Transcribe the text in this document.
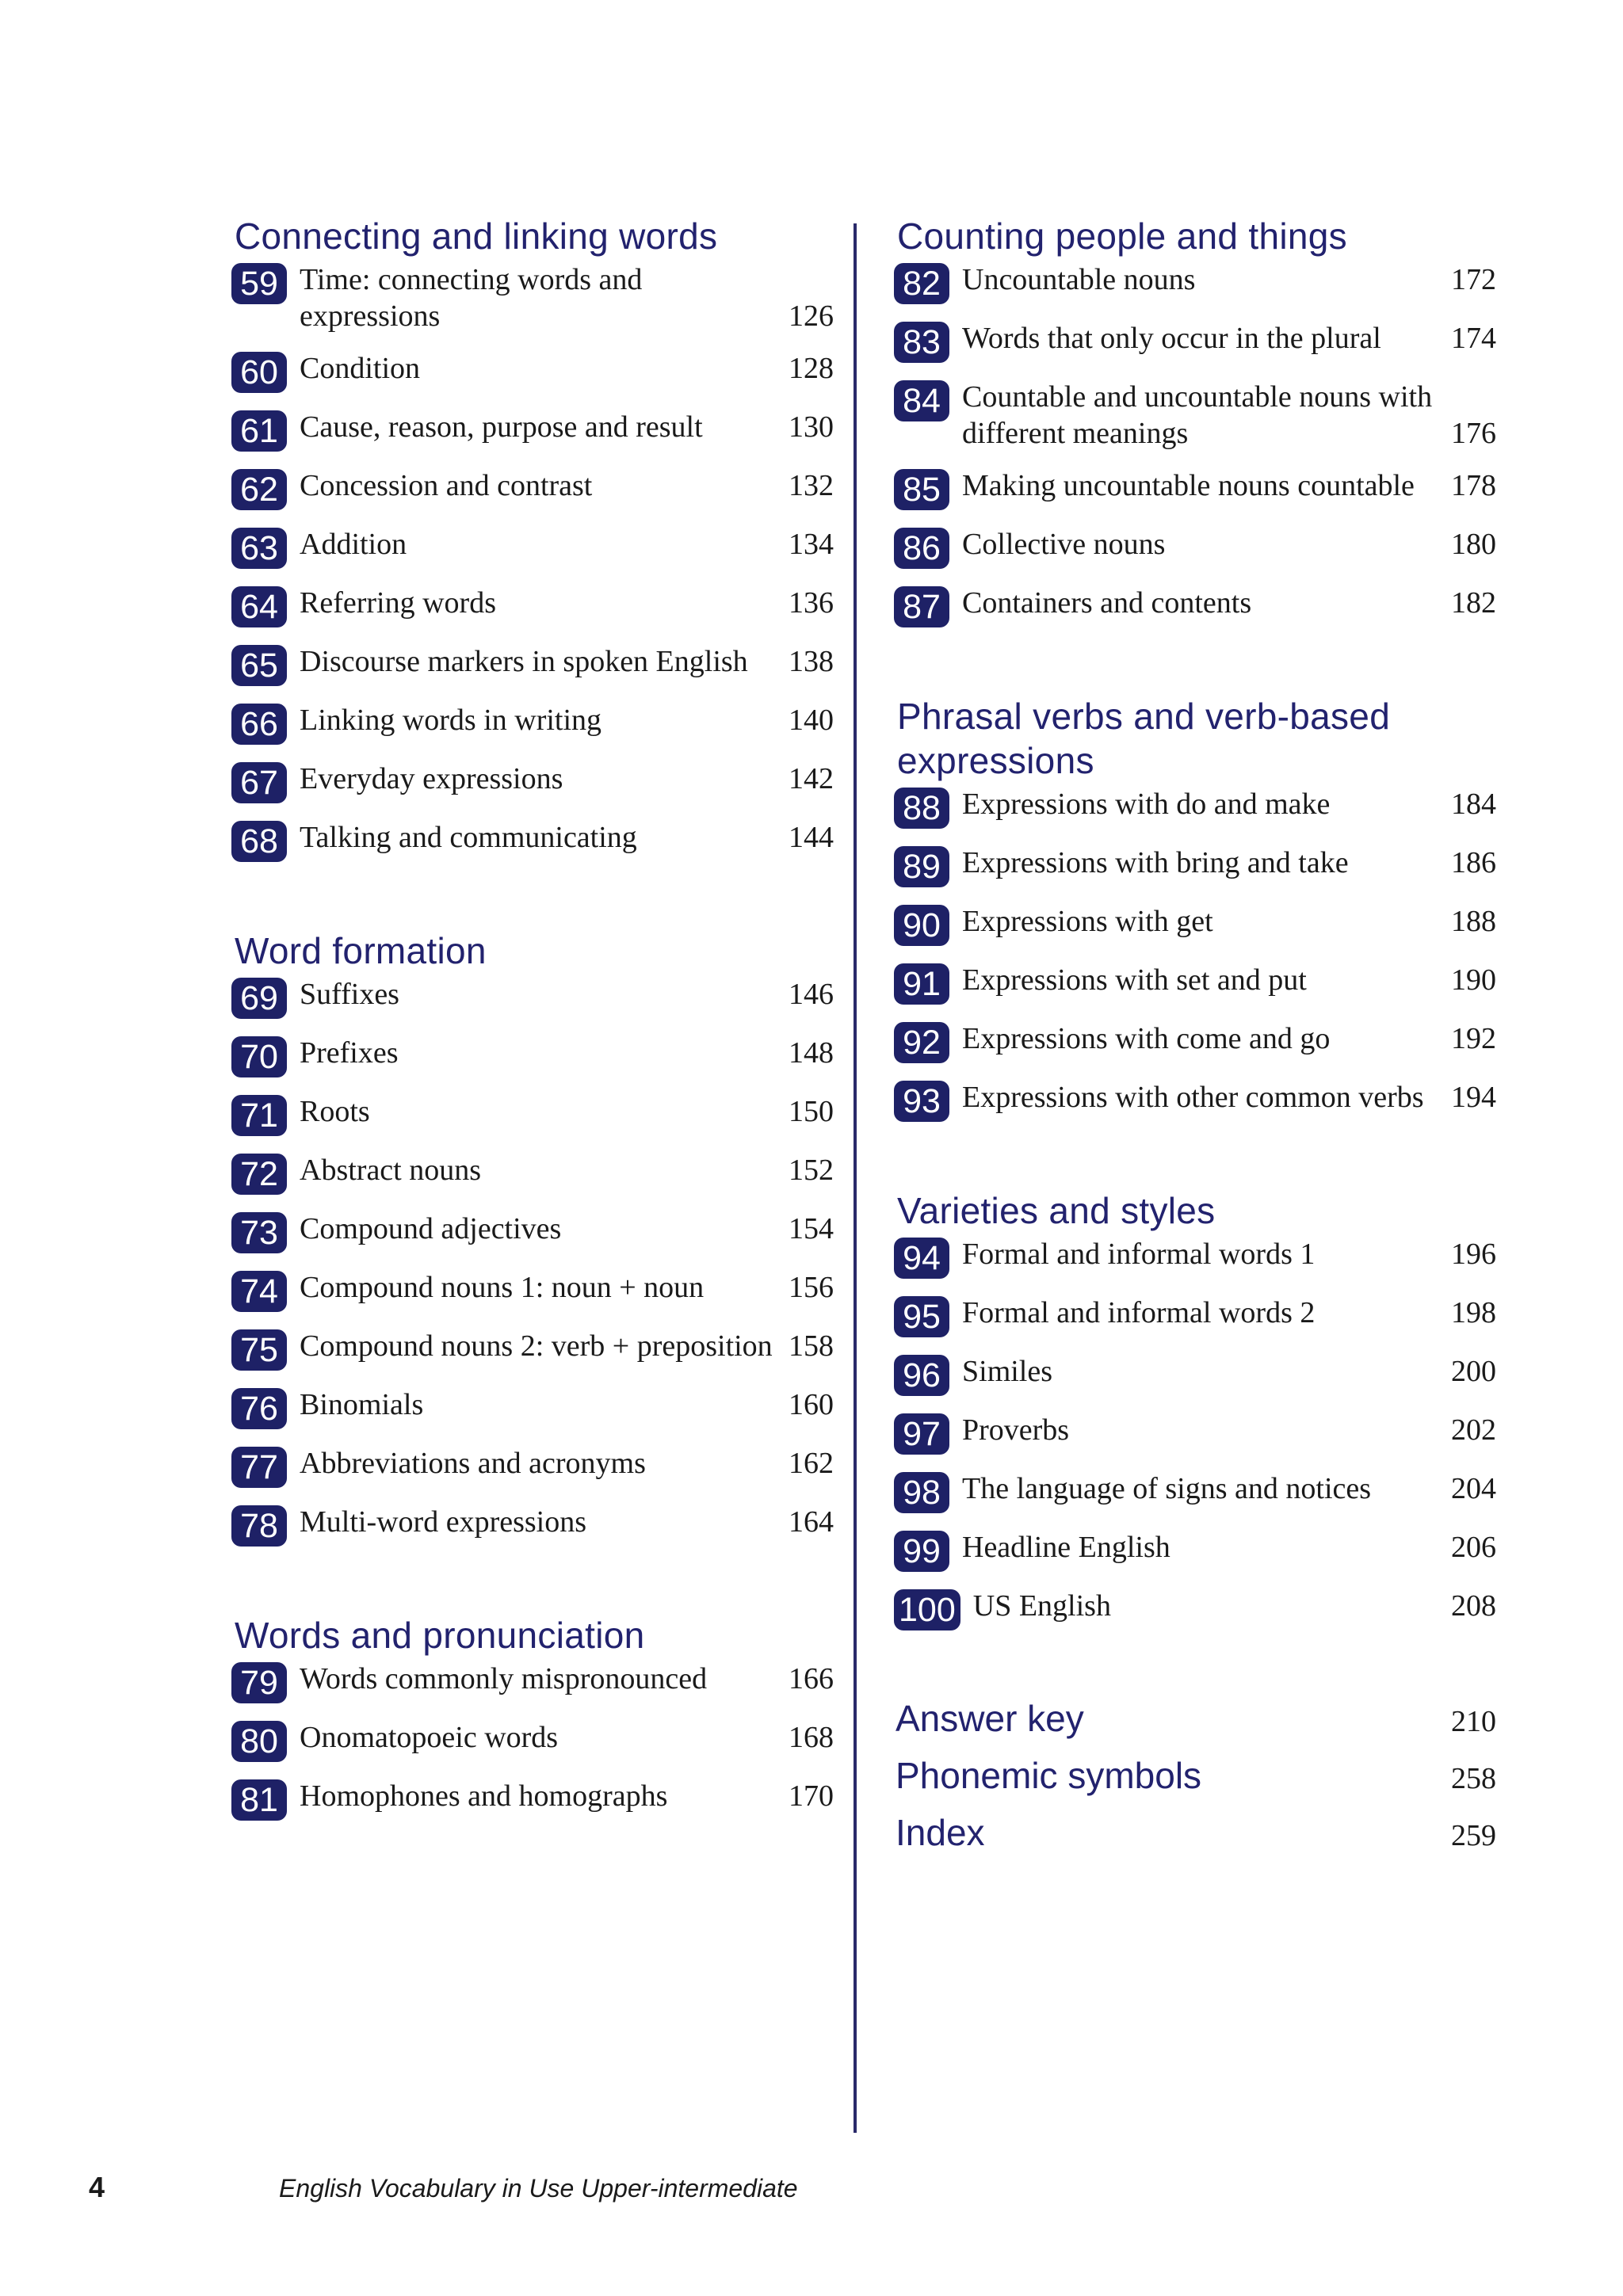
Connecting and linking words
59 Time: connecting words and expressions	126
60 Condition	128
61 Cause, reason, purpose and result	130
62 Concession and contrast	132
63 Addition	134
64 Referring words	136
65 Discourse markers in spoken English	138
66 Linking words in writing	140
67 Everyday expressions	142
68 Talking and communicating	144
Word formation
69 Suffixes	146
70 Prefixes	148
71 Roots	150
72 Abstract nouns	152
73 Compound adjectives	154
74 Compound nouns 1: noun + noun	156
75 Compound nouns 2: verb + preposition 158
76 Binomials	160
77 Abbreviations and acronyms	162
78 Multi-word expressions	164
Words and pronunciation
79 Words commonly mispronounced	166
80 Onomatopoeic words	168
81 Homophones and homographs	170
Counting people and things
82 Uncountable nouns	172
83 Words that only occur in the plural	174
84 Countable and uncountable nouns with different meanings	176
85 Making uncountable nouns countable	178
86 Collective nouns	180
87 Containers and contents	182
Phrasal verbs and verb-based expressions
88 Expressions with do and make	184
89 Expressions with bring and take	186
90 Expressions with get	188
91 Expressions with set and put	190
92 Expressions with come and go	192
93 Expressions with other common verbs 194
Varieties and styles
94 Formal and informal words 1	196
95 Formal and informal words 2	198
96 Similes	200
97 Proverbs	202
98 The language of signs and notices	204
99 Headline English	206
100 US English	208
Answer key	210
Phonemic symbols	258
Index	259
4	English Vocabulary in Use Upper-intermediate
